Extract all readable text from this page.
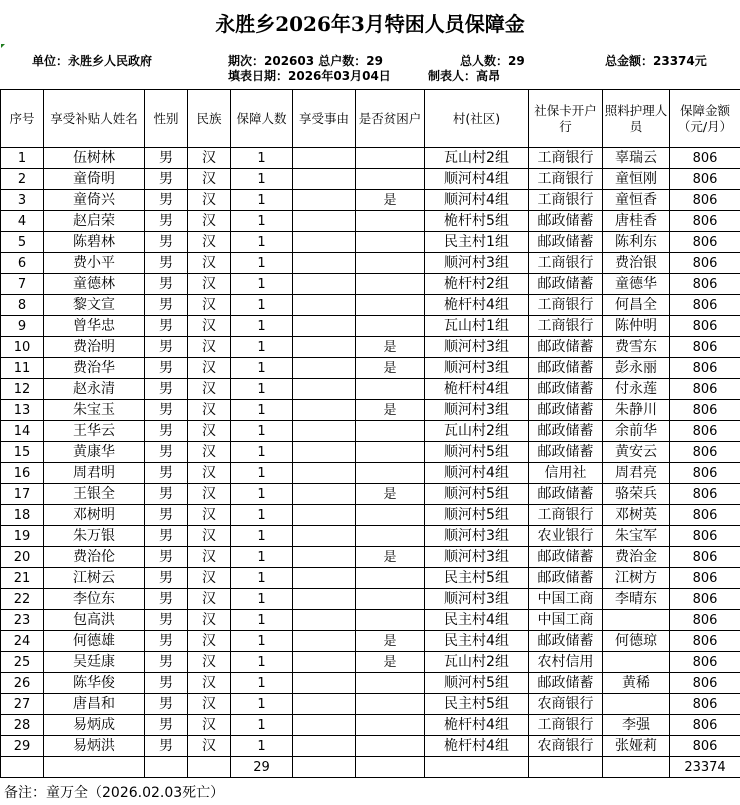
永胜乡2026年3月特困人员保障金
单位：永胜乡人民政府	期次：202603 总户数：29	总人数：29	总金额：23374元
填表日期：2026年03月04日	制表人：高昂
序号	享受补贴人姓名	性别	民族	保障人数	享受事由	是否贫困户	村(社区)	社保卡开户行	照料护理人员	保障金额（元/月）
1	伍树林	男	汉	1			瓦山村2组	工商银行	辜瑞云	806
2	童倚明	男	汉	1			顺河村4组	工商银行	童恒刚	806
3	童倚兴	男	汉	1		是	顺河村4组	工商银行	童恒香	806
4	赵启荣	男	汉	1			桅杆村5组	邮政储蓄	唐桂香	806
5	陈碧林	男	汉	1			民主村1组	邮政储蓄	陈利东	806
6	费小平	男	汉	1			顺河村3组	工商银行	费治银	806
7	童德林	男	汉	1			桅杆村2组	邮政储蓄	童德华	806
8	黎文宣	男	汉	1			桅杆村4组	工商银行	何昌全	806
9	曾华忠	男	汉	1			瓦山村1组	工商银行	陈仲明	806
10	费治明	男	汉	1		是	顺河村3组	邮政储蓄	费雪东	806
11	费治华	男	汉	1		是	顺河村3组	邮政储蓄	彭永丽	806
12	赵永清	男	汉	1			桅杆村4组	邮政储蓄	付永莲	806
13	朱宝玉	男	汉	1		是	顺河村3组	邮政储蓄	朱静川	806
14	王华云	男	汉	1			瓦山村2组	邮政储蓄	余前华	806
15	黄康华	男	汉	1			顺河村5组	邮政储蓄	黄安云	806
16	周君明	男	汉	1			顺河村4组	信用社	周君亮	806
17	王银全	男	汉	1		是	顺河村5组	邮政储蓄	骆荣兵	806
18	邓树明	男	汉	1			顺河村5组	工商银行	邓树英	806
19	朱万银	男	汉	1			顺河村3组	农业银行	朱宝军	806
20	费治伦	男	汉	1		是	顺河村3组	邮政储蓄	费治金	806
21	江树云	男	汉	1			民主村5组	邮政储蓄	江树方	806
22	李位东	男	汉	1			顺河村3组	中国工商	李晴东	806
23	包高洪	男	汉	1			民主村4组	中国工商		806
24	何德雄	男	汉	1		是	民主村4组	邮政储蓄	何德琼	806
25	吴廷康	男	汉	1		是	瓦山村2组	农村信用		806
26	陈华俊	男	汉	1			顺河村5组	邮政储蓄	黄稀	806
27	唐昌和	男	汉	1			民主村5组	农商银行		806
28	易炳成	男	汉	1			桅杆村4组	工商银行	李强	806
29	易炳洪	男	汉	1			桅杆村4组	农商银行	张娅莉	806
				29						23374
备注：童万全（2026.02.03死亡）
